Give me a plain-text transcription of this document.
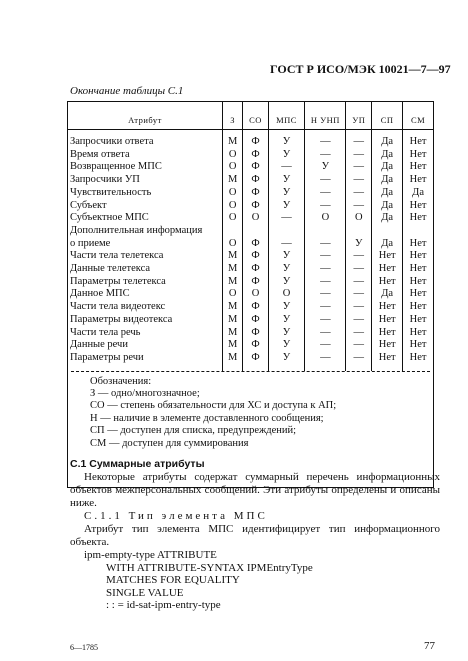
ГОСТ Р ИСО/МЭК 10021—7—97
Окончание таблицы С.1
Атрибут	З	СО	МПС	Н УНП	УП	СП	СМ

Запросчики ответа	М	Ф	У	—	—	Да	Нет
Время ответа	О	Ф	У	—	—	Да	Нет
Возвращенное МПС	О	Ф	—	У	—	Да	Нет
Запросчики УП	М	Ф	У	—	—	Да	Нет
Чувствительность	О	Ф	У	—	—	Да	Да
Субъект	О	Ф	У	—	—	Да	Нет
Субъектное МПС	О	О	—	О	О	Да	Нет
Дополнительная информация							
о приеме	О	Ф	—	—	У	Да	Нет
Части тела телетекса	М	Ф	У	—	—	Нет	Нет
Данные телетекса	М	Ф	У	—	—	Нет	Нет
Параметры телетекса	М	Ф	У	—	—	Нет	Нет
Данное МПС	О	О	О	—	—	Да	Нет
Части тела видеотекс	М	Ф	У	—	—	Нет	Нет
Параметры видеотекса	М	Ф	У	—	—	Нет	Нет
Части тела речь	М	Ф	У	—	—	Нет	Нет
Данные речи	М	Ф	У	—	—	Нет	Нет
Параметры речи	М	Ф	У	—	—	Нет	Нет
Обозначения:
З — одно/многозначное;
СО — степень обязательности для ХС и доступа к АП;
Н — наличие в элементе доставленного сообщения;
СП — доступен для списка, предупреждений;
СМ — доступен для суммирования
С.1 Суммарные атрибуты
Некоторые атрибуты содержат суммарный перечень информационных объектов межперсональных сообщений. Эти атрибуты определены и описаны ниже.
С.1.1 Тип элемента МПС
Атрибут тип элемента МПС идентифицирует тип информационного объекта.
ipm-empty-type ATTRIBUTE
WITH ATTRIBUTE-SYNTAX IPMEntryType
MATCHES FOR EQUALITY
SINGLE VALUE
: : = id-sat-ipm-entry-type
6—1785	77
